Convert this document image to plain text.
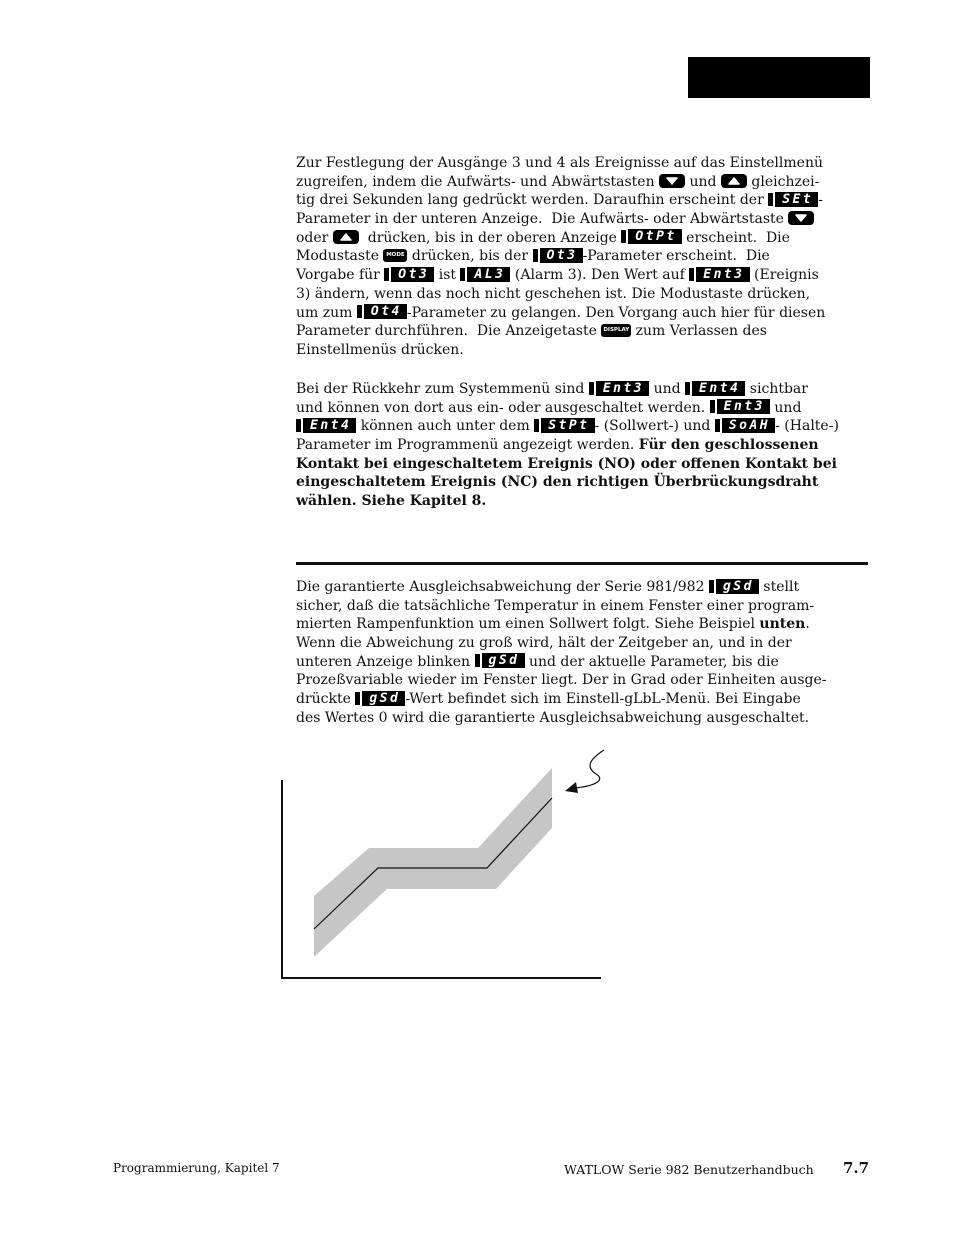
Zur Festlegung der Ausgänge 3 und 4 als Ereignisse auf das Einstellmenü
zugreifen, indem die Aufwärts- und Abwärtstasten
und
gleichzei-
tig drei Sekunden lang gedrückt werden. Daraufhin erscheint der SEt -
Parameter in der unteren Anzeige.  Die Aufwärts- oder Abwärtstaste
oder
drücken, bis in der oberen Anzeige OtPt erscheint.  Die
Modustaste MODE drücken, bis der Ot3 -Parameter erscheint.  Die
Vorgabe für Ot3 ist AL3 (Alarm 3). Den Wert auf Ent3 (Ereignis
3) ändern, wenn das noch nicht geschehen ist. Die Modustaste drücken,
um zum Ot4 -Parameter zu gelangen. Den Vorgang auch hier für diesen
Parameter durchführen.  Die Anzeigetaste DISPLAY zum Verlassen des
Einstellmenüs drücken.
Bei der Rückkehr zum Systemmenü sind Ent3 und Ent4 sichtbar
und können von dort aus ein- oder ausgeschaltet werden. Ent3 und
Ent4 können auch unter dem StPt - (Sollwert-) und SoAH - (Halte-)
Parameter im Programmenü angezeigt werden. Für den geschlossenen
Kontakt bei eingeschaltetem Ereignis (NO) oder offenen Kontakt bei
eingeschaltetem Ereignis (NC) den richtigen Überbrückungsdraht
wählen. Siehe Kapitel 8.
Die garantierte Ausgleichsabweichung der Serie 981/982 gSd stellt
sicher, daß die tatsächliche Temperatur in einem Fenster einer program-
mierten Rampenfunktion um einen Sollwert folgt. Siehe Beispiel unten.
Wenn die Abweichung zu groß wird, hält der Zeitgeber an, und in der
unteren Anzeige blinken gSd und der aktuelle Parameter, bis die
Prozeßvariable wieder im Fenster liegt. Der in Grad oder Einheiten ausge-
drückte gSd -Wert befindet sich im Einstell-gLbL-Menü. Bei Eingabe
des Wertes 0 wird die garantierte Ausgleichsabweichung ausgeschaltet.
Programmierung, Kapitel 7	WATLOW Serie 982 Benutzerhandbuch 7.7
